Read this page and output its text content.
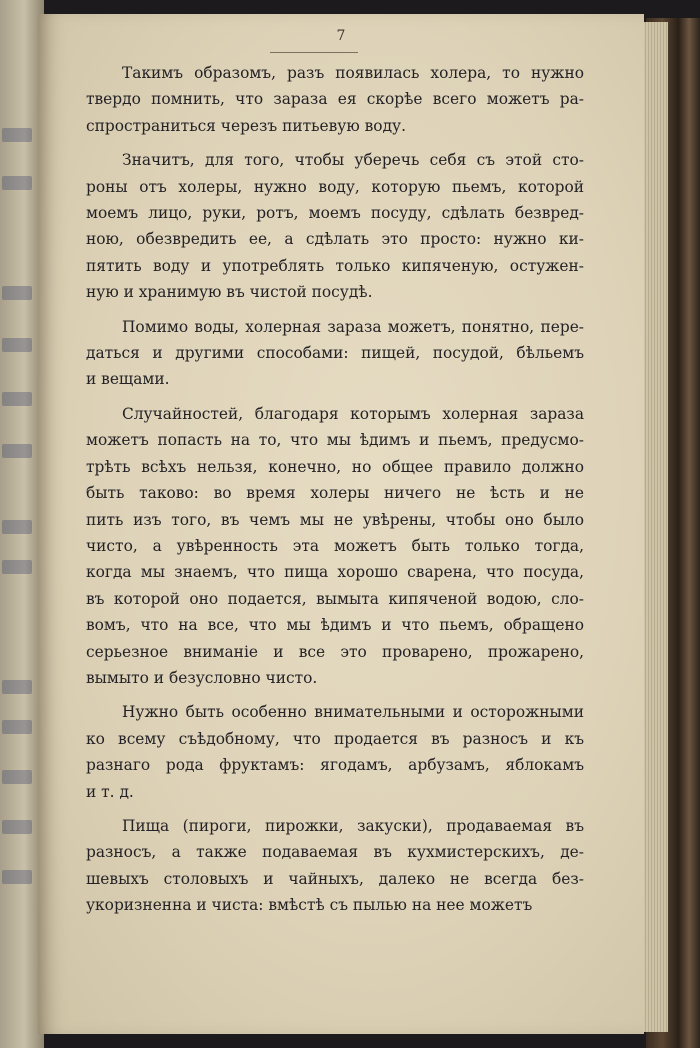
7

Такимъ образомъ, разъ появилась холера, то нужно
твердо помнить, что зараза ея скорѣе всего можетъ ра-
спространиться черезъ питьевую воду.

Значитъ, для того, чтобы уберечь себя съ этой сто-
роны отъ холеры, нужно воду, которую пьемъ, которой
моемъ лицо, руки, ротъ, моемъ посуду, сдѣлать безвред-
ною, обезвредить ее, а сдѣлать это просто: нужно ки-
пятить воду и употреблять только кипяченую, остужен-
ную и хранимую въ чистой посудѣ.

Помимо воды, холерная зараза можетъ, понятно, пере-
даться и другими способами: пищей, посудой, бѣльемъ
и вещами.

Случайностей, благодаря которымъ холерная зараза
можетъ попасть на то, что мы ѣдимъ и пьемъ, предусмо-
трѣть всѣхъ нельзя, конечно, но общее правило должно
быть таково: во время холеры ничего не ѣсть и не
пить изъ того, въ чемъ мы не увѣрены, чтобы оно было
чисто, а увѣренность эта можетъ быть только тогда,
когда мы знаемъ, что пища хорошо сварена, что посуда,
въ которой оно подается, вымыта кипяченой водою, сло-
вомъ, что на все, что мы ѣдимъ и что пьемъ, обращено
серьезное вниманіе и все это проварено, прожарено,
вымыто и безусловно чисто.

Нужно быть особенно внимательными и осторожными
ко всему съѣдобному, что продается въ разносъ и къ
разнаго рода фруктамъ: ягодамъ, арбузамъ, яблокамъ
и т. д.

Пища (пироги, пирожки, закуски), продаваемая въ
разносъ, а также подаваемая въ кухмистерскихъ, де-
шевыхъ столовыхъ и чайныхъ, далеко не всегда без-
укоризненна и чиста: вмѣстѣ съ пылью на нее можетъ
